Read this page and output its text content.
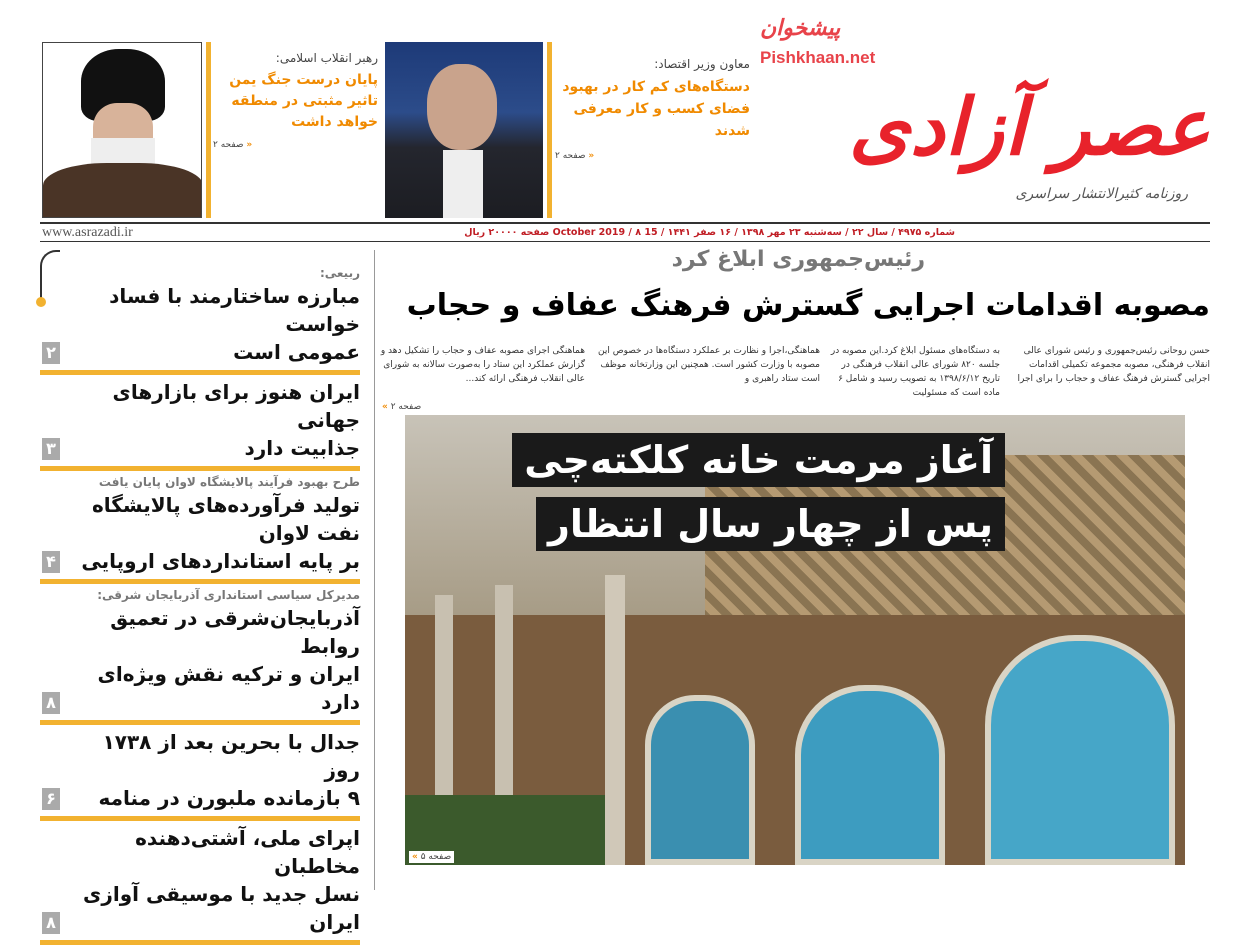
پیشخوان
Pishkhaan.net
عصر آزادی
روزنامه کثیرالانتشار سراسری
معاون وزیر اقتصاد:
دستگاه‌های کم کار در بهبود
فضای کسب و کار معرفی شدند
« صفحه ۲
رهبر انقلاب اسلامی:
پایان درست جنگ یمن
تاثیر مثبتی در منطقه
خواهد داشت
« صفحه ۲
شماره ۴۹۷۵ / سال ۲۲ / سه‌شنبه ۲۳ مهر ۱۳۹۸ / ۱۶ صفر ۱۴۴۱ / 15 October 2019 / ۸ صفحه ۲۰۰۰۰ ریال
www.asrazadi.ir
رئیس‌جمهوری ابلاغ کرد
مصوبه اقدامات اجرایی گسترش فرهنگ عفاف و حجاب
حسن روحانی رئیس‌جمهوری و رئیس شورای عالی انقلاب فرهنگی، مصوبه مجموعه تکمیلی اقدامات اجرایی گسترش فرهنگ عفاف و حجاب را برای اجرا
به دستگاه‌های مسئول ابلاغ کرد.این مصوبه در جلسه ۸۲۰ شورای عالی انقلاب فرهنگی در تاریخ ۱۳۹۸/۶/۱۲ به تصویب رسید و شامل ۶ ماده است که مسئولیت
هماهنگی،اجرا و نظارت بر عملکرد دستگاه‌ها در خصوص این مصوبه با وزارت کشور است. همچنین این وزارتخانه موظف است ستاد راهبری و
هماهنگی اجرای مصوبه عفاف و حجاب را تشکیل دهد و گزارش عملکرد این ستاد را به‌صورت سالانه به شورای عالی انقلاب فرهنگی ارائه کند...
« صفحه ۲
آغاز مرمت خانه کلکته‌چی
پس از چهار سال انتظار
« صفحه ۵
ربیعی:
مبارزه ساختارمند با فساد خواست
عمومی است
۲
ایران هنوز برای بازارهای جهانی
جذابیت دارد
۳
طرح بهبود فرآیند پالایشگاه لاوان پایان یافت
تولید فرآورده‌های پالایشگاه نفت لاوان
بر پایه استانداردهای اروپایی
۴
مدیرکل سیاسی استانداری آذربایجان شرقی:
آذربایجان‌شرقی در تعمیق روابط
ایران و ترکیه نقش ویژه‌ای دارد
۸
جدال با بحرین بعد از ۱۷۳۸ روز
۹ بازمانده ملبورن در منامه
۶
اپرای ملی، آشتی‌دهنده مخاطبان
نسل جدید با موسیقی آوازی ایران
۸
